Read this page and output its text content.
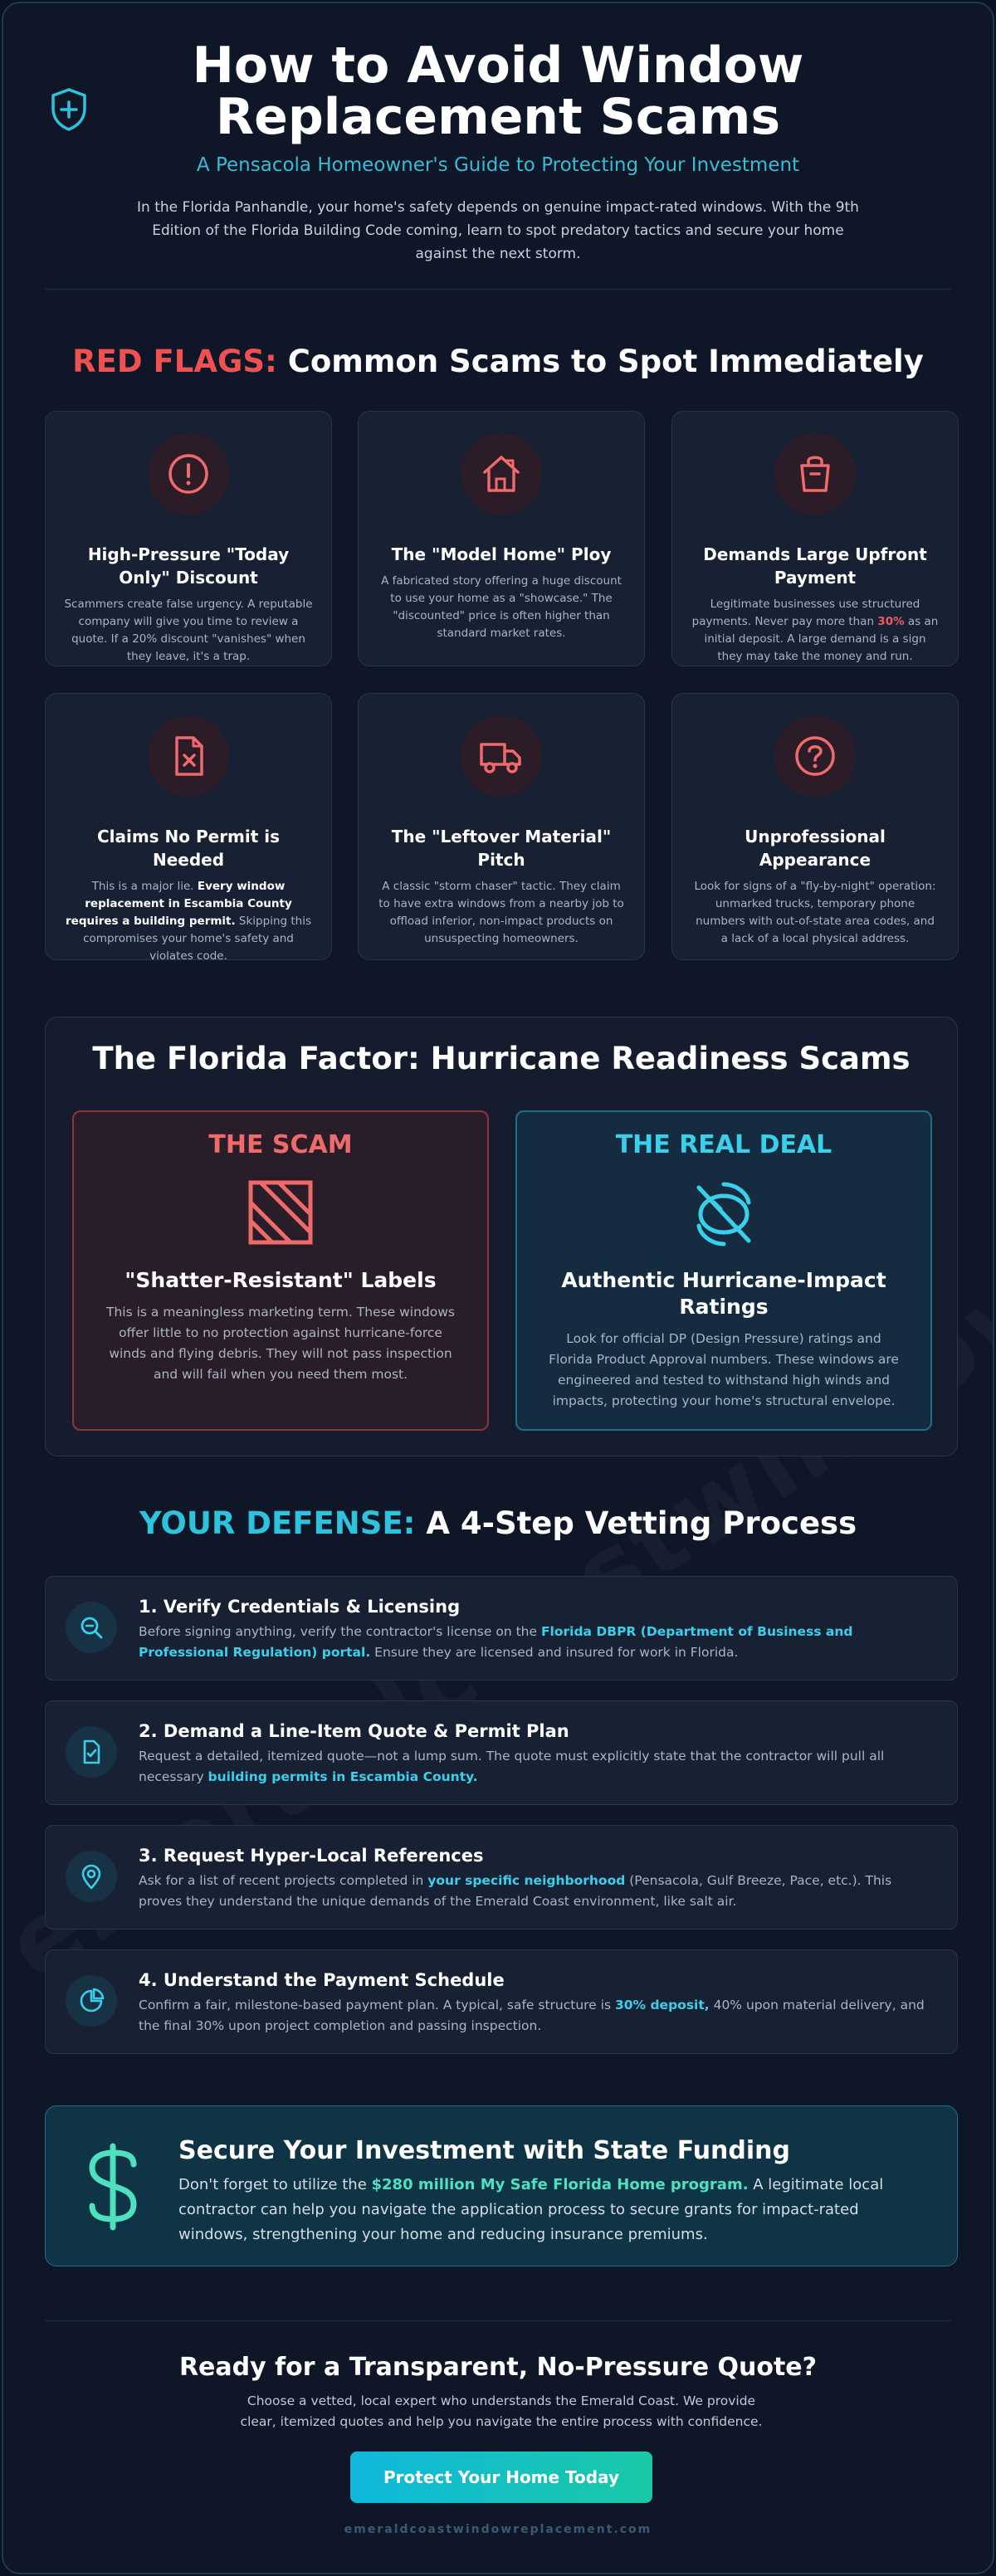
How to Avoid Window
Replacement Scams
A Pensacola Homeowner's Guide to Protecting Your Investment
In the Florida Panhandle, your home's safety depends on genuine impact-rated windows. With the 9th Edition of the Florida Building Code coming, learn to spot predatory tactics and secure your home against the next storm.
RED FLAGS: Common Scams to Spot Immediately
High-Pressure "Today Only" Discount

Scammers create false urgency. A reputable company will give you time to review a quote. If a 20% discount "vanishes" when they leave, it's a trap.

The "Model Home" Ploy

A fabricated story offering a huge discount to use your home as a "showcase." The "discounted" price is often higher than standard market rates.

Demands Large Upfront Payment

Legitimate businesses use structured payments. Never pay more than 30% as an initial deposit. A large demand is a sign they may take the money and run.

Claims No Permit is Needed

This is a major lie. Every window replacement in Escambia County requires a building permit. Skipping this compromises your home's safety and violates code.

The "Leftover Material" Pitch

A classic "storm chaser" tactic. They claim to have extra windows from a nearby job to offload inferior, non-impact products on unsuspecting homeowners.

Unprofessional Appearance

Look for signs of a "fly-by-night" operation: unmarked trucks, temporary phone numbers with out-of-state area codes, and a lack of a local physical address.

The Florida Factor: Hurricane Readiness Scams
THE SCAM
"Shatter-Resistant" Labels

This is a meaningless marketing term. These windows offer little to no protection against hurricane-force winds and flying debris. They will not pass inspection and will fail when you need them most.

THE REAL DEAL
Authentic Hurricane-Impact Ratings

Look for official DP (Design Pressure) ratings and Florida Product Approval numbers. These windows are engineered and tested to withstand high winds and impacts, protecting your home's structural envelope.

YOUR DEFENSE: A 4-Step Vetting Process
1. Verify Credentials & Licensing

Before signing anything, verify the contractor's license on the Florida DBPR (Department of Business and Professional Regulation) portal. Ensure they are licensed and insured for work in Florida.

2. Demand a Line-Item Quote & Permit Plan

Request a detailed, itemized quote—not a lump sum. The quote must explicitly state that the contractor will pull all necessary building permits in Escambia County.

3. Request Hyper-Local References

Ask for a list of recent projects completed in your specific neighborhood (Pensacola, Gulf Breeze, Pace, etc.). This proves they understand the unique demands of the Emerald Coast environment, like salt air.

4. Understand the Payment Schedule

Confirm a fair, milestone-based payment plan. A typical, safe structure is 30% deposit, 40% upon material delivery, and the final 30% upon project completion and passing inspection.

Secure Your Investment with State Funding

Don't forget to utilize the $280 million My Safe Florida Home program. A legitimate local contractor can help you navigate the application process to secure grants for impact-rated windows, strengthening your home and reducing insurance premiums.

Ready for a Transparent, No-Pressure Quote?
Choose a vetted, local expert who understands the Emerald Coast. We provide clear, itemized quotes and help you navigate the entire process with confidence.
Protect Your Home Today
emeraldcoastwindowreplacement.com
